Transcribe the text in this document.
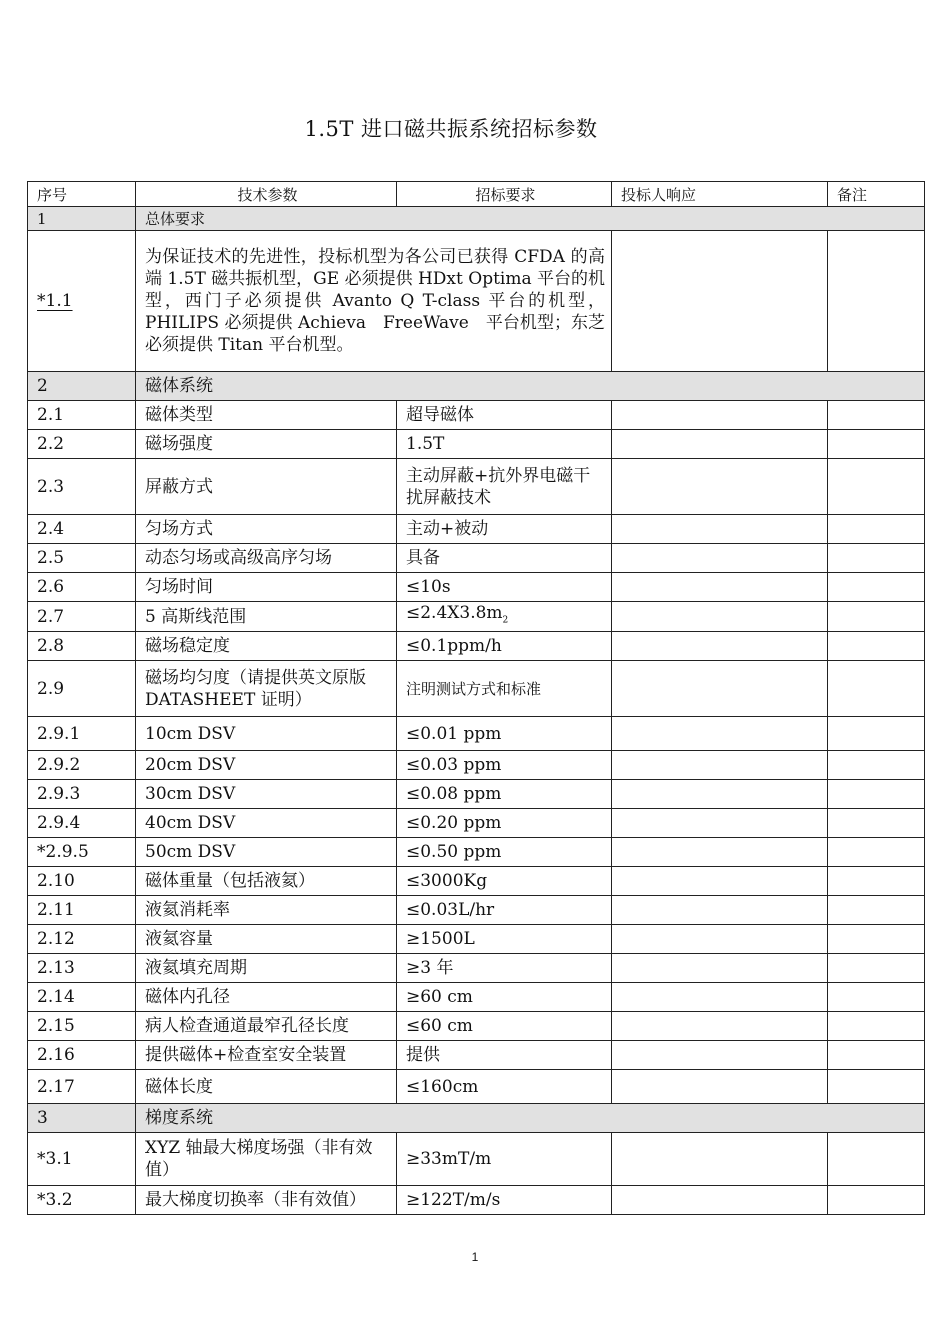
1.5T 进口磁共振系统招标参数
序号	技术参数	招标要求	投标人响应	备注
1	总体要求			
*1.1	为保证技术的先进性，投标机型为各公司已获得 CFDA 的高端 1.5T 磁共振机型，GE 必须提供 HDxt Optima 平台的机型，西门子必须提供 Avanto Q T-class 平台的机型，PHILIPS 必须提供 Achieva　FreeWave　平台机型；东芝必须提供 Titan 平台机型。			
2	磁体系统			
2.1	磁体类型	超导磁体		
2.2	磁场强度	1.5T		
2.3	屏蔽方式	主动屏蔽+抗外界电磁干扰屏蔽技术		
2.4	匀场方式	主动+被动		
2.5	动态匀场或高级高序匀场	具备		
2.6	匀场时间	≤10s		
2.7	5 高斯线范围	$\le 2.4X3.8m_2$		
2.8	磁场稳定度	≤0.1ppm/h		
2.9	磁场均匀度（请提供英文原版 DATASHEET 证明）	注明测试方式和标准		
2.9.1	10cm DSV	≤0.01 ppm		
2.9.2	20cm DSV	≤0.03 ppm		
2.9.3	30cm DSV	≤0.08 ppm		
2.9.4	40cm DSV	≤0.20 ppm		
*2.9.5	50cm DSV	≤0.50 ppm		
2.10	磁体重量（包括液氦）	≤3000Kg		
2.11	液氦消耗率	≤0.03L/hr		
2.12	液氦容量	≥1500L		
2.13	液氦填充周期	≥3 年		
2.14	磁体内孔径	≥60 cm		
2.15	病人检查通道最窄孔径长度	≤60 cm		
2.16	提供磁体+检查室安全装置	提供		
2.17	磁体长度	≤160cm		
3	梯度系统			
*3.1	XYZ 轴最大梯度场强（非有效值）	≥33mT/m		
*3.2	最大梯度切换率（非有效值）	≥122T/m/s		
1
